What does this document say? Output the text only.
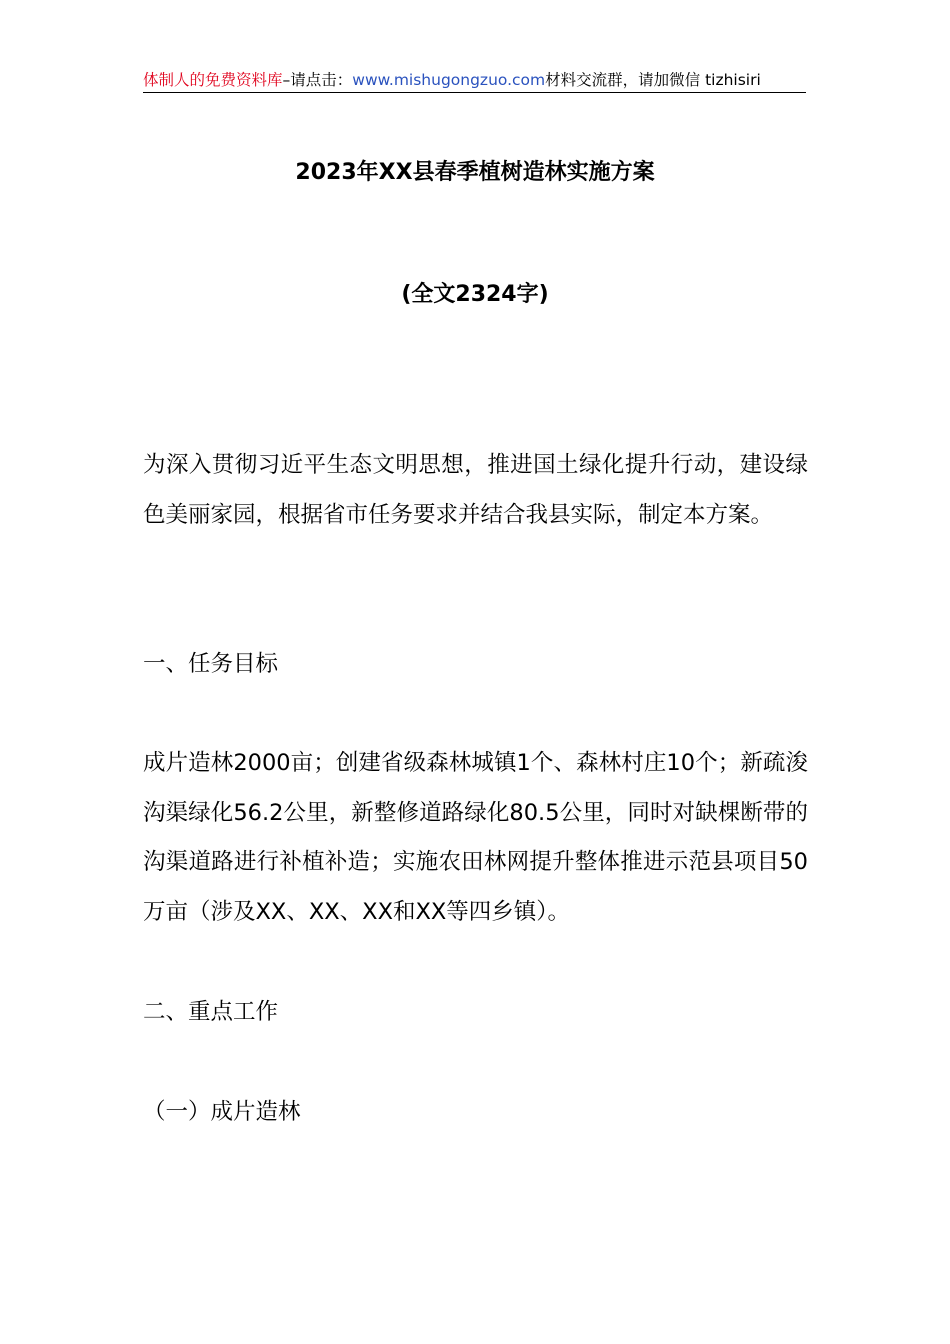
体制人的免费资料库–请点击：www.mishugongzuo.com材料交流群，请加微信 tizhisiri
2023年XX县春季植树造林实施方案
(全文2324字)

为深入贯彻习近平生态文明思想，推进国土绿化提升行动，建设绿色美丽家园，根据省市任务要求并结合我县实际，制定本方案。

一、任务目标

成片造林2000亩；创建省级森林城镇1个、森林村庄10个；新疏浚沟渠绿化56.2公里，新整修道路绿化80.5公里，同时对缺棵断带的沟渠道路进行补植补造；实施农田林网提升整体推进示范县项目50万亩（涉及XX、XX、XX和XX等四乡镇）。

二、重点工作

（一）成片造林
